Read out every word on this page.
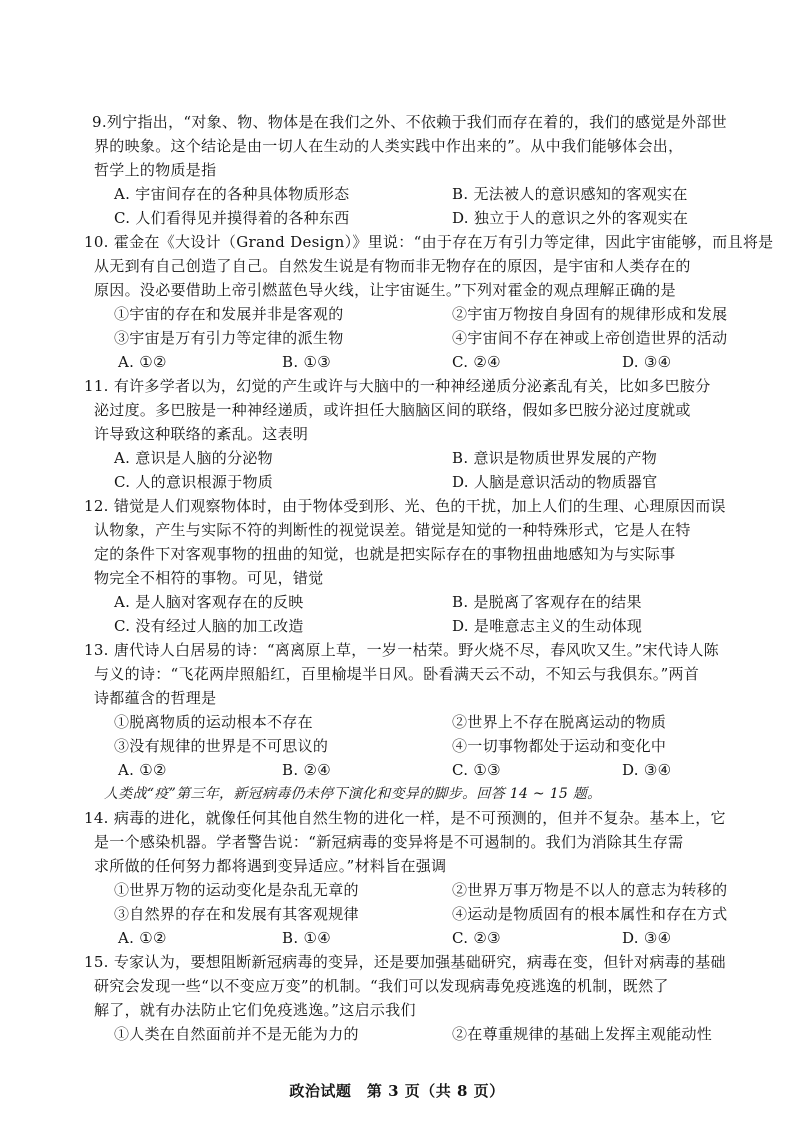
9.列宁指出，“对象、物、物体是在我们之外、不依赖于我们而存在着的，我们的感觉是外部世
界的映象。这个结论是由一切人在生动的人类实践中作出来的”。从中我们能够体会出，
哲学上的物质是指
A. 宇宙间存在的各种具体物质形态	B. 无法被人的意识感知的客观实在
C. 人们看得见并摸得着的各种东西	D. 独立于人的意识之外的客观实在
10. 霍金在《大设计（Grand Design）》里说：“由于存在万有引力等定律，因此宇宙能够，而且将是
从无到有自己创造了自己。自然发生说是有物而非无物存在的原因，是宇宙和人类存在的
原因。没必要借助上帝引燃蓝色导火线，让宇宙诞生。”下列对霍金的观点理解正确的是
①宇宙的存在和发展并非是客观的	②宇宙万物按自身固有的规律形成和发展
③宇宙是万有引力等定律的派生物	④宇宙间不存在神或上帝创造世界的活动
A. ①②	B. ①③	C. ②④	D. ③④
11. 有许多学者以为，幻觉的产生或许与大脑中的一种神经递质分泌紊乱有关，比如多巴胺分
泌过度。多巴胺是一种神经递质，或许担任大脑脑区间的联络，假如多巴胺分泌过度就或
许导致这种联络的紊乱。这表明
A. 意识是人脑的分泌物	B. 意识是物质世界发展的产物
C. 人的意识根源于物质	D. 人脑是意识活动的物质器官
12. 错觉是人们观察物体时，由于物体受到形、光、色的干扰，加上人们的生理、心理原因而误
认物象，产生与实际不符的判断性的视觉误差。错觉是知觉的一种特殊形式，它是人在特
定的条件下对客观事物的扭曲的知觉，也就是把实际存在的事物扭曲地感知为与实际事
物完全不相符的事物。可见，错觉
A. 是人脑对客观存在的反映	B. 是脱离了客观存在的结果
C. 没有经过人脑的加工改造	D. 是唯意志主义的生动体现
13. 唐代诗人白居易的诗：“离离原上草，一岁一枯荣。野火烧不尽，春风吹又生。”宋代诗人陈
与义的诗：“飞花两岸照船红，百里榆堤半日风。卧看满天云不动，不知云与我俱东。”两首
诗都蕴含的哲理是
①脱离物质的运动根本不存在	②世界上不存在脱离运动的物质
③没有规律的世界是不可思议的	④一切事物都处于运动和变化中
A. ①②	B. ②④	C. ①③	D. ③④
人类战“疫”第三年，新冠病毒仍未停下演化和变异的脚步。回答 14 ~ 15 题。
14. 病毒的进化，就像任何其他自然生物的进化一样，是不可预测的，但并不复杂。基本上，它
是一个感染机器。学者警告说：“新冠病毒的变异将是不可遏制的。我们为消除其生存需
求所做的任何努力都将遇到变异适应。”材料旨在强调
①世界万物的运动变化是杂乱无章的	②世界万事万物是不以人的意志为转移的
③自然界的存在和发展有其客观规律	④运动是物质固有的根本属性和存在方式
A. ①②	B. ①④	C. ②③	D. ③④
15. 专家认为，要想阻断新冠病毒的变异，还是要加强基础研究，病毒在变，但针对病毒的基础
研究会发现一些“以不变应万变”的机制。“我们可以发现病毒免疫逃逸的机制，既然了
解了，就有办法防止它们免疫逃逸。”这启示我们
①人类在自然面前并不是无能为力的	②在尊重规律的基础上发挥主观能动性
政治试题　第 3 页（共 8 页）
